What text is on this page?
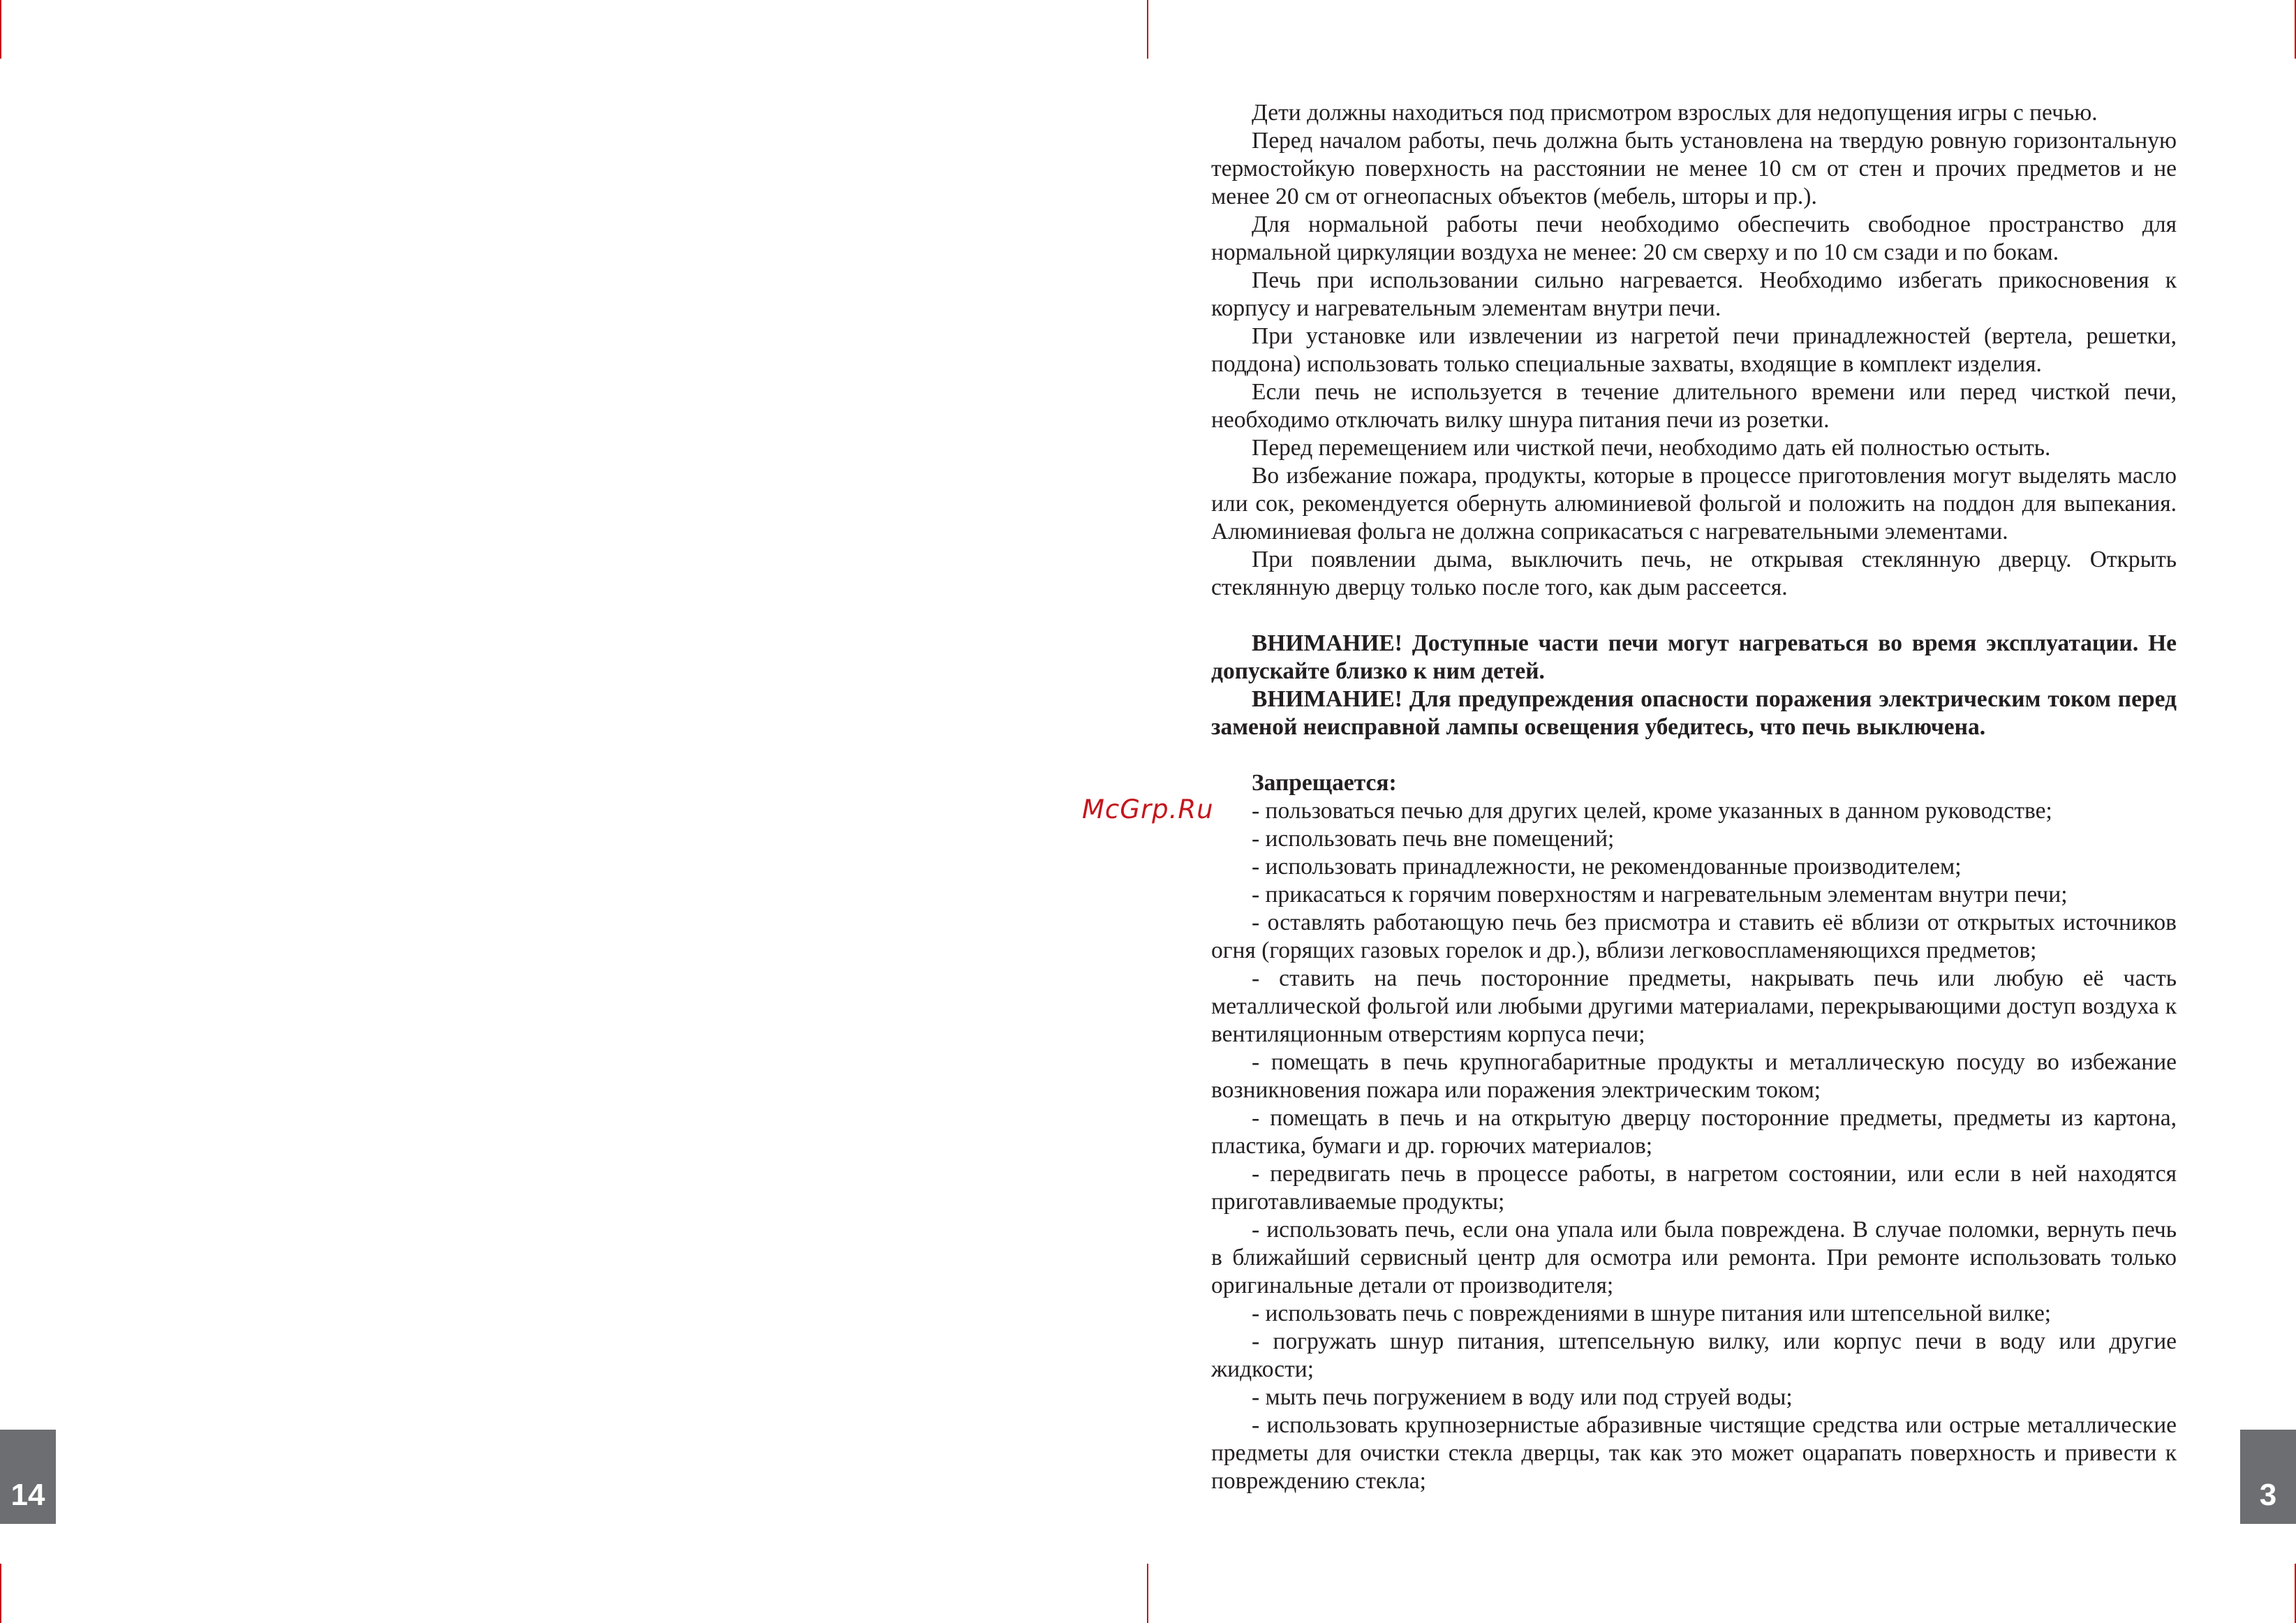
14	3
McGrp.Ru

Дети должны находиться под присмотром взрослых для недопущения игры с печью.

Перед началом работы, печь должна быть установлена на твердую ровную горизонтальную термостойкую поверхность на расстоянии не менее 10 см от стен и прочих предметов и не менее 20 см от огнеопасных объектов (мебель, шторы и пр.).

Для нормальной работы печи необходимо обеспечить свободное пространство для нормальной циркуляции воздуха не менее: 20 см сверху и по 10 см сзади и по бокам.

Печь при использовании сильно нагревается. Необходимо избегать прикосновения к корпусу и нагревательным элементам внутри печи.

При установке или извлечении из нагретой печи принадлежностей (вертела, решетки, поддона) использовать только специальные захваты, входящие в комплект изделия.

Если печь не используется в течение длительного времени или перед чисткой печи, необходимо отключать вилку шнура питания печи из розетки.

Перед перемещением или чисткой печи, необходимо дать ей полностью остыть.

Во избежание пожара, продукты, которые в процессе приготовления могут выделять масло или сок, рекомендуется обернуть алюминиевой фольгой и положить на поддон для выпекания. Алюминиевая фольга не должна соприкасаться с нагревательными элементами.

При появлении дыма, выключить печь, не открывая стеклянную дверцу. Открыть стеклянную дверцу только после того, как дым рассеется.

ВНИМАНИЕ! Доступные части печи могут нагреваться во время эксплуатации. Не допускайте близко к ним детей.

ВНИМАНИЕ! Для предупреждения опасности поражения электрическим током перед заменой неисправной лампы освещения убедитесь, что печь выключена.

Запрещается:

- пользоваться печью для других целей, кроме указанных в данном руководстве;

- использовать печь вне помещений;

- использовать принадлежности, не рекомендованные производителем;

- прикасаться к горячим поверхностям и нагревательным элементам внутри печи;

- оставлять работающую печь без присмотра и ставить её вблизи от открытых источников огня (горящих газовых горелок и др.), вблизи легковоспламеняющихся предметов;

- ставить на печь посторонние предметы, накрывать печь или любую её часть металлической фольгой или любыми другими материалами, перекрывающими доступ воздуха к вентиляционным отверстиям корпуса печи;

- помещать в печь крупногабаритные продукты и металлическую посуду во избежание возникновения пожара или поражения электрическим током;

- помещать в печь и на открытую дверцу посторонние предметы, предметы из картона, пластика, бумаги и др. горючих материалов;

- передвигать печь в процессе работы, в нагретом состоянии, или если в ней находятся приготавливаемые продукты;

- использовать печь, если она упала или была повреждена. В случае поломки, вернуть печь в ближайший сервисный центр для осмотра или ремонта. При ремонте использовать только оригинальные детали от производителя;

- использовать печь с повреждениями в шнуре питания или штепсельной вилке;

- погружать шнур питания, штепсельную вилку, или корпус печи в воду или другие жидкости;

- мыть печь погружением в воду или под струей воды;

- использовать крупнозернистые абразивные чистящие средства или острые металлические предметы для очистки стекла дверцы, так как это может оцарапать поверхность и привести к повреждению стекла;
